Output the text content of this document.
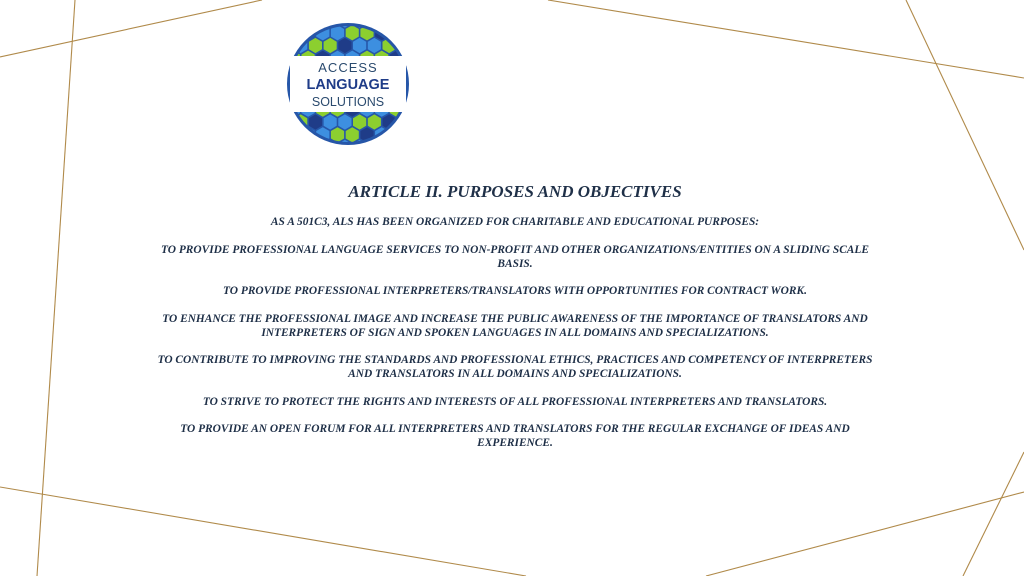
ACCESS
LANGUAGE
SOLUTIONS
ARTICLE II. PURPOSES AND OBJECTIVES
AS A 501C3, ALS HAS BEEN ORGANIZED FOR CHARITABLE AND EDUCATIONAL PURPOSES:
TO PROVIDE PROFESSIONAL LANGUAGE SERVICES TO NON-PROFIT AND OTHER ORGANIZATIONS/ENTITIES ON A SLIDING SCALE BASIS.
TO PROVIDE PROFESSIONAL INTERPRETERS/TRANSLATORS WITH OPPORTUNITIES FOR CONTRACT WORK.
TO ENHANCE THE PROFESSIONAL IMAGE AND INCREASE THE PUBLIC AWARENESS OF THE IMPORTANCE OF TRANSLATORS AND INTERPRETERS OF SIGN AND SPOKEN LANGUAGES IN ALL DOMAINS AND SPECIALIZATIONS.
TO CONTRIBUTE TO IMPROVING THE STANDARDS AND PROFESSIONAL ETHICS, PRACTICES AND COMPETENCY OF INTERPRETERS AND TRANSLATORS IN ALL DOMAINS AND SPECIALIZATIONS.
TO STRIVE TO PROTECT THE RIGHTS AND INTERESTS OF ALL PROFESSIONAL INTERPRETERS AND TRANSLATORS.
TO PROVIDE AN OPEN FORUM FOR ALL INTERPRETERS AND TRANSLATORS FOR THE REGULAR EXCHANGE OF IDEAS AND EXPERIENCE.
